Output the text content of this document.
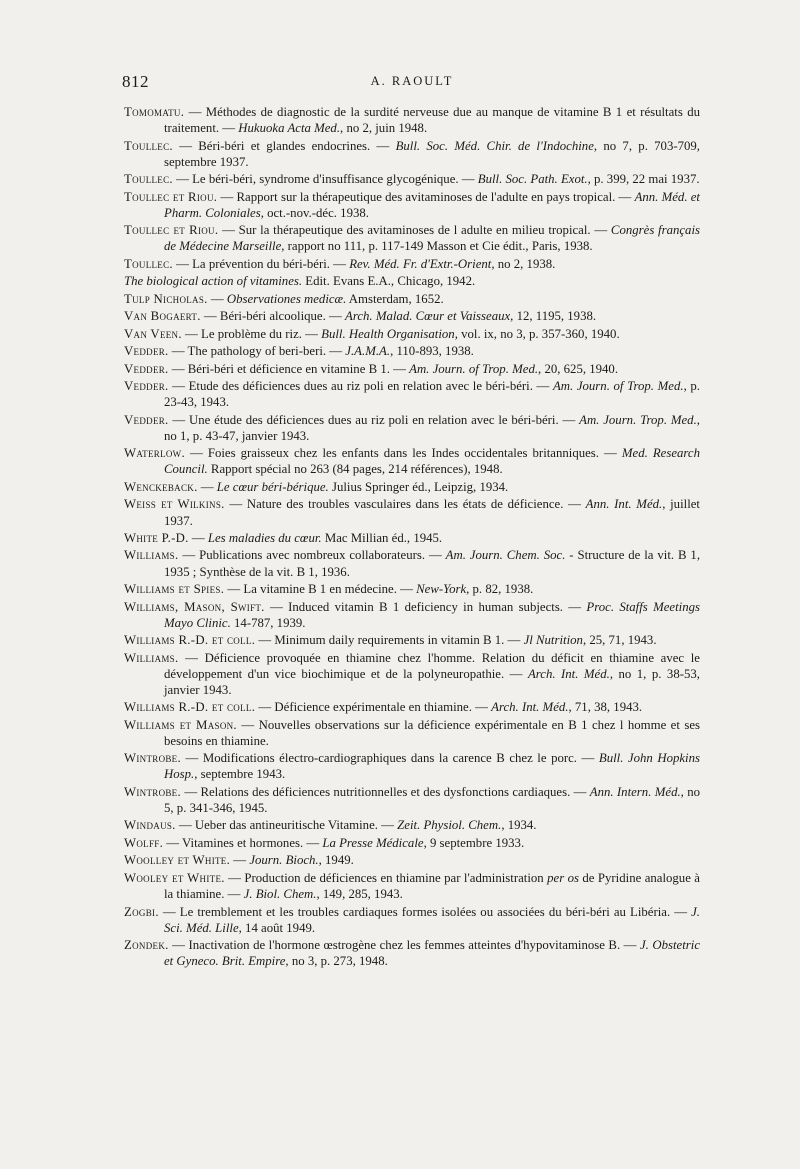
812	A. RAOULT

Tomomatu. — Méthodes de diagnostic de la surdité nerveuse due au manque de vitamine B 1 et résultats du traitement. — Hukuoka Acta Med., no 2, juin 1948.

Toullec. — Béri-béri et glandes endocrines. — Bull. Soc. Méd. Chir. de l'Indochine, no 7, p. 703-709, septembre 1937.

Toullec. — Le béri-béri, syndrome d'insuffisance glycogénique. — Bull. Soc. Path. Exot., p. 399, 22 mai 1937.

Toullec et Riou. — Rapport sur la thérapeutique des avitaminoses de l'adulte en pays tropical. — Ann. Méd. et Pharm. Coloniales, oct.-nov.-déc. 1938.

Toullec et Riou. — Sur la thérapeutique des avitaminoses de l adulte en milieu tropical. — Congrès français de Médecine Marseille, rapport no 111, p. 117-149 Masson et Cie édit., Paris, 1938.

Toullec. — La prévention du béri-béri. — Rev. Méd. Fr. d'Extr.-Orient, no 2, 1938.

The biological action of vitamines. Edit. Evans E.A., Chicago, 1942.

Tulp Nicholas. — Observationes medicæ. Amsterdam, 1652.

Van Bogaert. — Béri-béri alcoolique. — Arch. Malad. Cœur et Vaisseaux, 12, 1195, 1938.

Van Veen. — Le problème du riz. — Bull. Health Organisation, vol. ix, no 3, p. 357-360, 1940.

Vedder. — The pathology of beri-beri. — J.A.M.A., 110-893, 1938.

Vedder. — Béri-béri et déficience en vitamine B 1. — Am. Journ. of Trop. Med., 20, 625, 1940.

Vedder. — Etude des déficiences dues au riz poli en relation avec le béri-béri. — Am. Journ. of Trop. Med., p. 23-43, 1943.

Vedder. — Une étude des déficiences dues au riz poli en relation avec le béri-béri. — Am. Journ. Trop. Med., no 1, p. 43-47, janvier 1943.

Waterlow. — Foies graisseux chez les enfants dans les Indes occidentales britanniques. — Med. Research Council. Rapport spécial no 263 (84 pages, 214 références), 1948.

Wenckeback. — Le cœur béri-bérique. Julius Springer éd., Leipzig, 1934.

Weiss et Wilkins. — Nature des troubles vasculaires dans les états de déficience. — Ann. Int. Méd., juillet 1937.

White P.-D. — Les maladies du cœur. Mac Millian éd., 1945.

Williams. — Publications avec nombreux collaborateurs. — Am. Journ. Chem. Soc. - Structure de la vit. B 1, 1935 ; Synthèse de la vit. B 1, 1936.

Williams et Spies. — La vitamine B 1 en médecine. — New-York, p. 82, 1938.

Williams, Mason, Swift. — Induced vitamin B 1 deficiency in human subjects. — Proc. Staffs Meetings Mayo Clinic. 14-787, 1939.

Williams R.-D. et coll. — Minimum daily requirements in vitamin B 1. — Jl Nutrition, 25, 71, 1943.

Williams. — Déficience provoquée en thiamine chez l'homme. Relation du déficit en thiamine avec le développement d'un vice biochimique et de la polyneuropathie. — Arch. Int. Méd., no 1, p. 38-53, janvier 1943.

Williams R.-D. et coll. — Déficience expérimentale en thiamine. — Arch. Int. Méd., 71, 38, 1943.

Williams et Mason. — Nouvelles observations sur la déficience expérimentale en B 1 chez l homme et ses besoins en thiamine.

Wintrobe. — Modifications électro-cardiographiques dans la carence B chez le porc. — Bull. John Hopkins Hosp., septembre 1943.

Wintrobe. — Relations des déficiences nutritionnelles et des dysfonctions cardiaques. — Ann. Intern. Méd., no 5, p. 341-346, 1945.

Windaus. — Ueber das antineuritische Vitamine. — Zeit. Physiol. Chem., 1934.

Wolff. — Vitamines et hormones. — La Presse Médicale, 9 septembre 1933.

Woolley et White. — Journ. Bioch., 1949.

Wooley et White. — Production de déficiences en thiamine par l'administration per os de Pyridine analogue à la thiamine. — J. Biol. Chem., 149, 285, 1943.

Zogbi. — Le tremblement et les troubles cardiaques formes isolées ou associées du béri-béri au Libéria. — J. Sci. Méd. Lille, 14 août 1949.

Zondek. — Inactivation de l'hormone œstrogène chez les femmes atteintes d'hypovitaminose B. — J. Obstetric et Gyneco. Brit. Empire, no 3, p. 273, 1948.
